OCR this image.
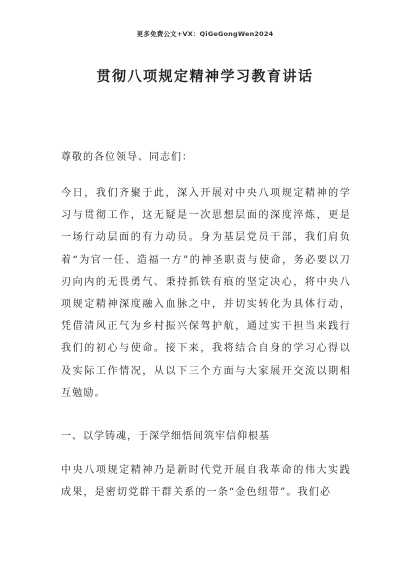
更多免费公文+VX：QiGeGongWen2024
贯彻八项规定精神学习教育讲话
尊敬的各位领导、同志们：

今日，我们齐聚于此，深入开展对中央八项规定精神的学习与贯彻工作，这无疑是一次思想层面的深度淬炼，更是一场行动层面的有力动员。身为基层党员干部，我们肩负着“为官一任、造福一方”的神圣职责与使命，务必要以刀刃向内的无畏勇气、秉持抓铁有痕的坚定决心，将中央八项规定精神深度融入血脉之中，并切实转化为具体行动，凭借清风正气为乡村振兴保驾护航，通过实干担当来践行我们的初心与使命。接下来，我将结合自身的学习心得以及实际工作情况，从以下三个方面与大家展开交流以期相互勉励。

一、以学铸魂，于深学细悟间筑牢信仰根基

中央八项规定精神乃是新时代党开展自我革命的伟大实践成果，是密切党群干群关系的一条“金色纽带”。我们必
